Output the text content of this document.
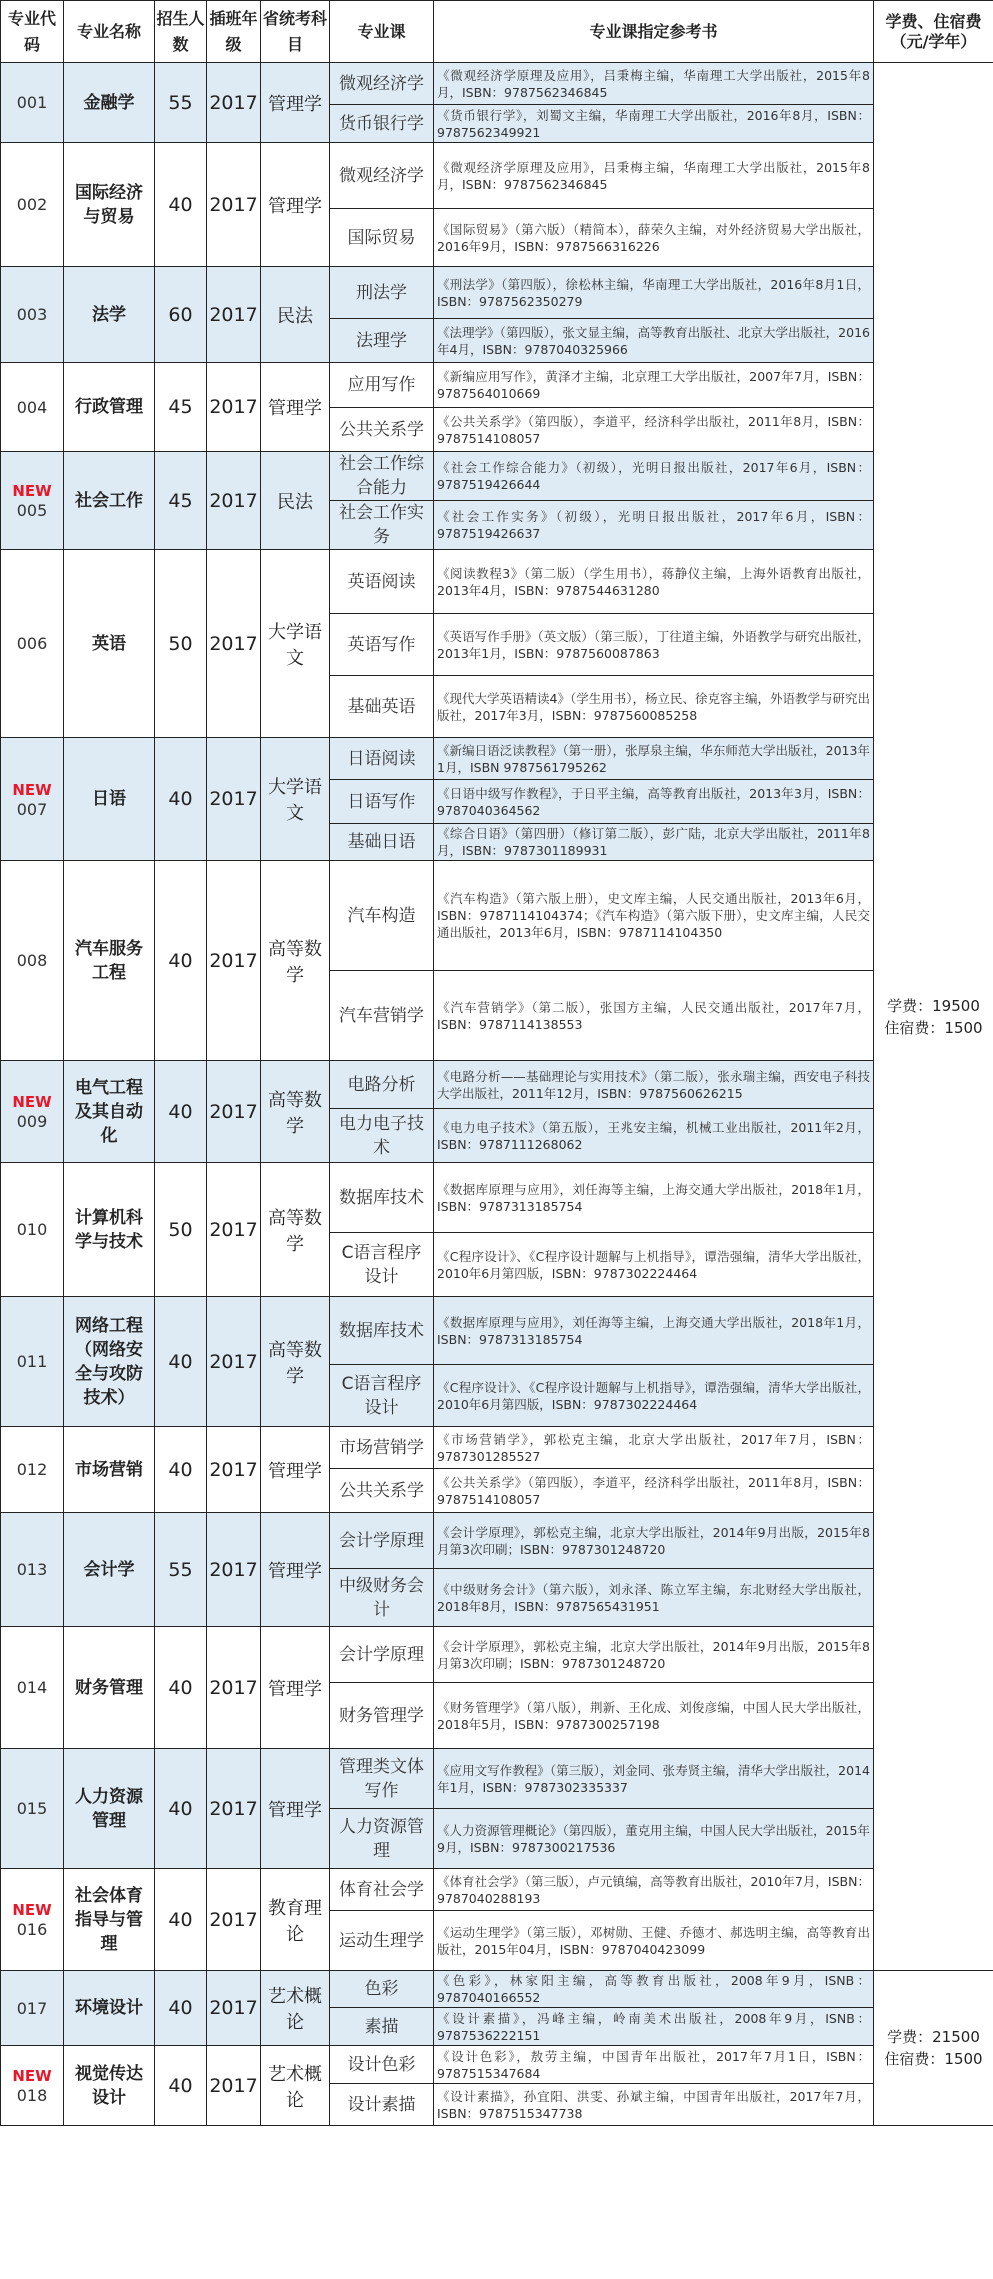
专业代码	专业名称	招生人数	插班年级	省统考科目	专业课	专业课指定参考书	学费、住宿费（元/学年）
001	金融学	55	2017	管理学	微观经济学	《微观经济学原理及应用》，吕秉梅主编，华南理工大学出版社，2015年8月，ISBN：9787562346845	学费：19500
住宿费：1500

					货币银行学	《货币银行学》，刘蜀文主编，华南理工大学出版社，2016年8月，ISBN：9787562349921	
002	国际经济与贸易	40	2017	管理学	微观经济学	《微观经济学原理及应用》，吕秉梅主编，华南理工大学出版社，2015年8月，ISBN：9787562346845	
					国际贸易	《国际贸易》（第六版）（精简本），薛荣久主编，对外经济贸易大学出版社，2016年9月，ISBN：9787566316226	
003	法学	60	2017	民法	刑法学	《刑法学》（第四版），徐松林主编，华南理工大学出版社，2016年8月1日，ISBN：9787562350279	
					法理学	《法理学》（第四版），张文显主编，高等教育出版社、北京大学出版社，2016年4月，ISBN：9787040325966	
004	行政管理	45	2017	管理学	应用写作	《新编应用写作》，黄泽才主编，北京理工大学出版社，2007年7月，ISBN：9787564010669	
					公共关系学	《公共关系学》（第四版），李道平，经济科学出版社，2011年8月，ISBN：9787514108057	

NEW
005	社会工作	45	2017	民法	社会工作综合能力	《社会工作综合能力》（初级），光明日报出版社，2017年6月，ISBN：9787519426644	
					社会工作实务	《社会工作实务》（初级），光明日报出版社，2017年6月，ISBN：9787519426637	
006	英语	50	2017	大学语文	英语阅读	《阅读教程3》（第二版）（学生用书），蒋静仪主编，上海外语教育出版社，2013年4月，ISBN：9787544631280	
					英语写作	《英语写作手册》（英文版）（第三版），丁往道主编，外语教学与研究出版社，2013年1月，ISBN：9787560087863	
					基础英语	《现代大学英语精读4》（学生用书），杨立民、徐克容主编，外语教学与研究出版社，2017年3月，ISBN：9787560085258	

NEW
007	日语	40	2017	大学语文	日语阅读	《新编日语泛读教程》（第一册），张厚泉主编，华东师范大学出版社，2013年1月，ISBN 9787561795262	
					日语写作	《日语中级写作教程》，于日平主编，高等教育出版社，2013年3月，ISBN：9787040364562	
					基础日语	《综合日语》（第四册）（修订第二版），彭广陆，北京大学出版社，2011年8月，ISBN：9787301189931	
008	汽车服务工程	40	2017	高等数学	汽车构造	《汽车构造》（第六版上册），史文库主编，人民交通出版社，2013年6月，ISBN：9787114104374；《汽车构造》（第六版下册），史文库主编，人民交通出版社，2013年6月，ISBN：9787114104350	
					汽车营销学	《汽车营销学》（第二版），张国方主编，人民交通出版社，2017年7月，ISBN：9787114138553	

NEW
009	电气工程及其自动化	40	2017	高等数学	电路分析	《电路分析——基础理论与实用技术》（第二版），张永瑞主编，西安电子科技大学出版社，2011年12月，ISBN：9787560626215	
					电力电子技术	《电力电子技术》（第五版），王兆安主编，机械工业出版社，2011年2月，ISBN：9787111268062	
010	计算机科学与技术	50	2017	高等数学	数据库技术	《数据库原理与应用》，刘任海等主编，上海交通大学出版社，2018年1月，ISBN：9787313185754	
					C语言程序设计	《C程序设计》、《C程序设计题解与上机指导》，谭浩强编，清华大学出版社，2010年6月第四版，ISBN：9787302224464	
011	网络工程（网络安全与攻防技术）	40	2017	高等数学	数据库技术	《数据库原理与应用》，刘任海等主编，上海交通大学出版社，2018年1月，ISBN：9787313185754	
					C语言程序设计	《C程序设计》、《C程序设计题解与上机指导》，谭浩强编，清华大学出版社，2010年6月第四版，ISBN：9787302224464	
012	市场营销	40	2017	管理学	市场营销学	《市场营销学》，郭松克主编，北京大学出版社，2017年7月，ISBN：9787301285527	
					公共关系学	《公共关系学》（第四版），李道平，经济科学出版社，2011年8月，ISBN：9787514108057	
013	会计学	55	2017	管理学	会计学原理	《会计学原理》，郭松克主编，北京大学出版社，2014年9月出版，2015年8月第3次印刷；ISBN：9787301248720	
					中级财务会计	《中级财务会计》（第六版），刘永泽、陈立军主编，东北财经大学出版社，2018年8月，ISBN：9787565431951	
014	财务管理	40	2017	管理学	会计学原理	《会计学原理》，郭松克主编，北京大学出版社，2014年9月出版，2015年8月第3次印刷；ISBN：9787301248720	
					财务管理学	《财务管理学》（第八版），荆新、王化成、刘俊彦编，中国人民大学出版社，2018年5月，ISBN：9787300257198	
015	人力资源管理	40	2017	管理学	管理类文体写作	《应用文写作教程》（第三版），刘金同、张寿贤主编，清华大学出版社，2014年1月，ISBN：9787302335337	
					人力资源管理	《人力资源管理概论》（第四版），董克用主编，中国人民大学出版社，2015年9月，ISBN：9787300217536	

NEW
016	社会体育指导与管理	40	2017	教育理论	体育社会学	《体育社会学》（第三版），卢元镇编，高等教育出版社，2010年7月，ISBN：9787040288193	
					运动生理学	《运动生理学》（第三版），邓树勋、王健、乔德才、郝选明主编，高等教育出版社，2015年04月，ISBN：9787040423099	
017	环境设计	40	2017	艺术概论	色彩	《色彩》，林家阳主编，高等教育出版社，2008年9月，ISNB：9787040166552	学费：21500
住宿费：1500

					素描	《设计素描》，冯峰主编，岭南美术出版社，2008年9月，ISNB：9787536222151	

NEW
018	视觉传达设计	40	2017	艺术概论	设计色彩	《设计色彩》，敖劳主编，中国青年出版社，2017年7月1日，ISBN：9787515347684	
					设计素描	《设计素描》，孙宜阳、洪雯、孙斌主编，中国青年出版社，2017年7月，ISBN：9787515347738	
